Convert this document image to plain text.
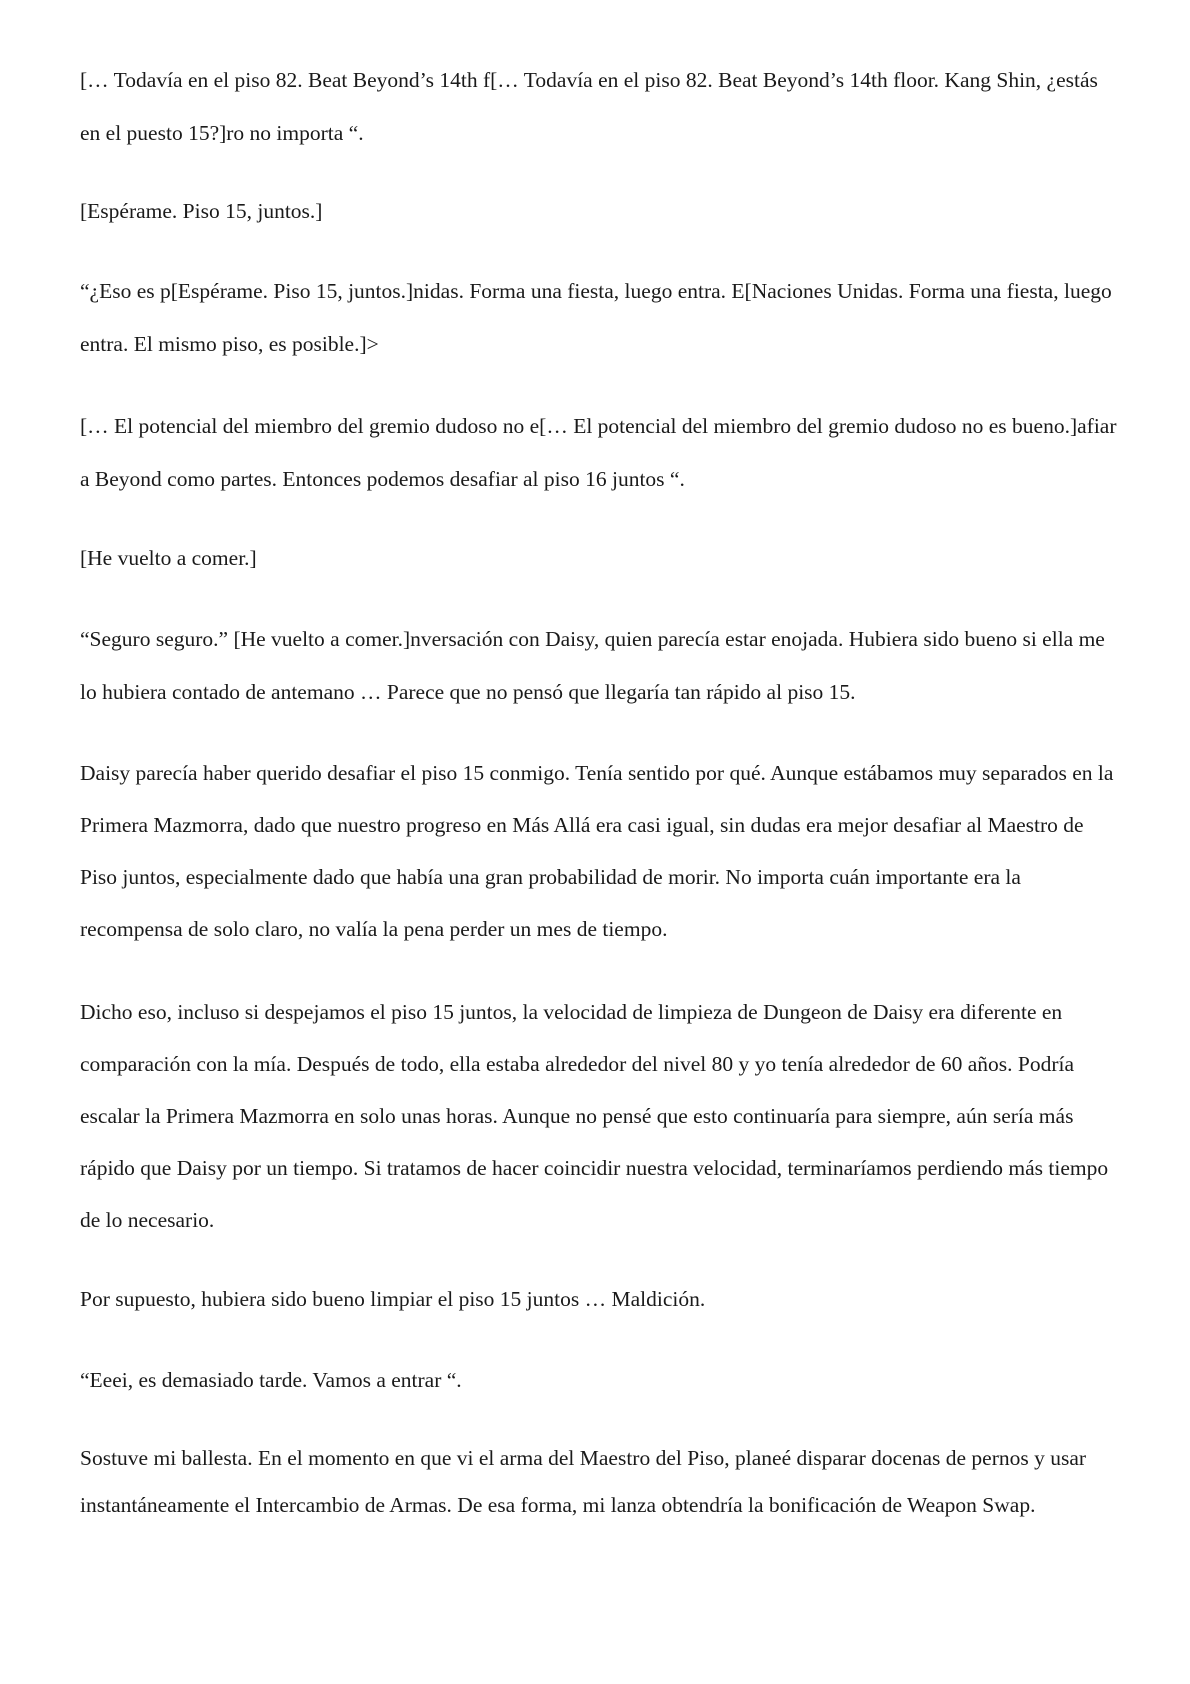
[… Todavía en el piso 82. Beat Beyond’s 14th f[… Todavía en el piso 82. Beat Beyond’s 14th floor. Kang Shin, ¿estás en el puesto 15?]ro no importa “.

[Espérame. Piso 15, juntos.]

“¿Eso es p[Espérame. Piso 15, juntos.]nidas. Forma una fiesta, luego entra. E[Naciones Unidas. Forma una fiesta, luego entra. El mismo piso, es posible.]>

[… El potencial del miembro del gremio dudoso no e[… El potencial del miembro del gremio dudoso no es bueno.]afiar a Beyond como partes. Entonces podemos desafiar al piso 16 juntos “.

[He vuelto a comer.]

“Seguro seguro.” [He vuelto a comer.]nversación con Daisy, quien parecía estar enojada. Hubiera sido bueno si ella me lo hubiera contado de antemano … Parece que no pensó que llegaría tan rápido al piso 15.

Daisy parecía haber querido desafiar el piso 15 conmigo. Tenía sentido por qué. Aunque estábamos muy separados en la Primera Mazmorra, dado que nuestro progreso en Más Allá era casi igual, sin dudas era mejor desafiar al Maestro de Piso juntos, especialmente dado que había una gran probabilidad de morir. No importa cuán importante era la recompensa de solo claro, no valía la pena perder un mes de tiempo.

Dicho eso, incluso si despejamos el piso 15 juntos, la velocidad de limpieza de Dungeon de Daisy era diferente en comparación con la mía. Después de todo, ella estaba alrededor del nivel 80 y yo tenía alrededor de 60 años. Podría escalar la Primera Mazmorra en solo unas horas. Aunque no pensé que esto continuaría para siempre, aún sería más rápido que Daisy por un tiempo. Si tratamos de hacer coincidir nuestra velocidad, terminaríamos perdiendo más tiempo de lo necesario.

Por supuesto, hubiera sido bueno limpiar el piso 15 juntos … Maldición.

“Eeei, es demasiado tarde. Vamos a entrar “.

Sostuve mi ballesta. En el momento en que vi el arma del Maestro del Piso, planeé disparar docenas de pernos y usar instantáneamente el Intercambio de Armas. De esa forma, mi lanza obtendría la bonificación de Weapon Swap.
